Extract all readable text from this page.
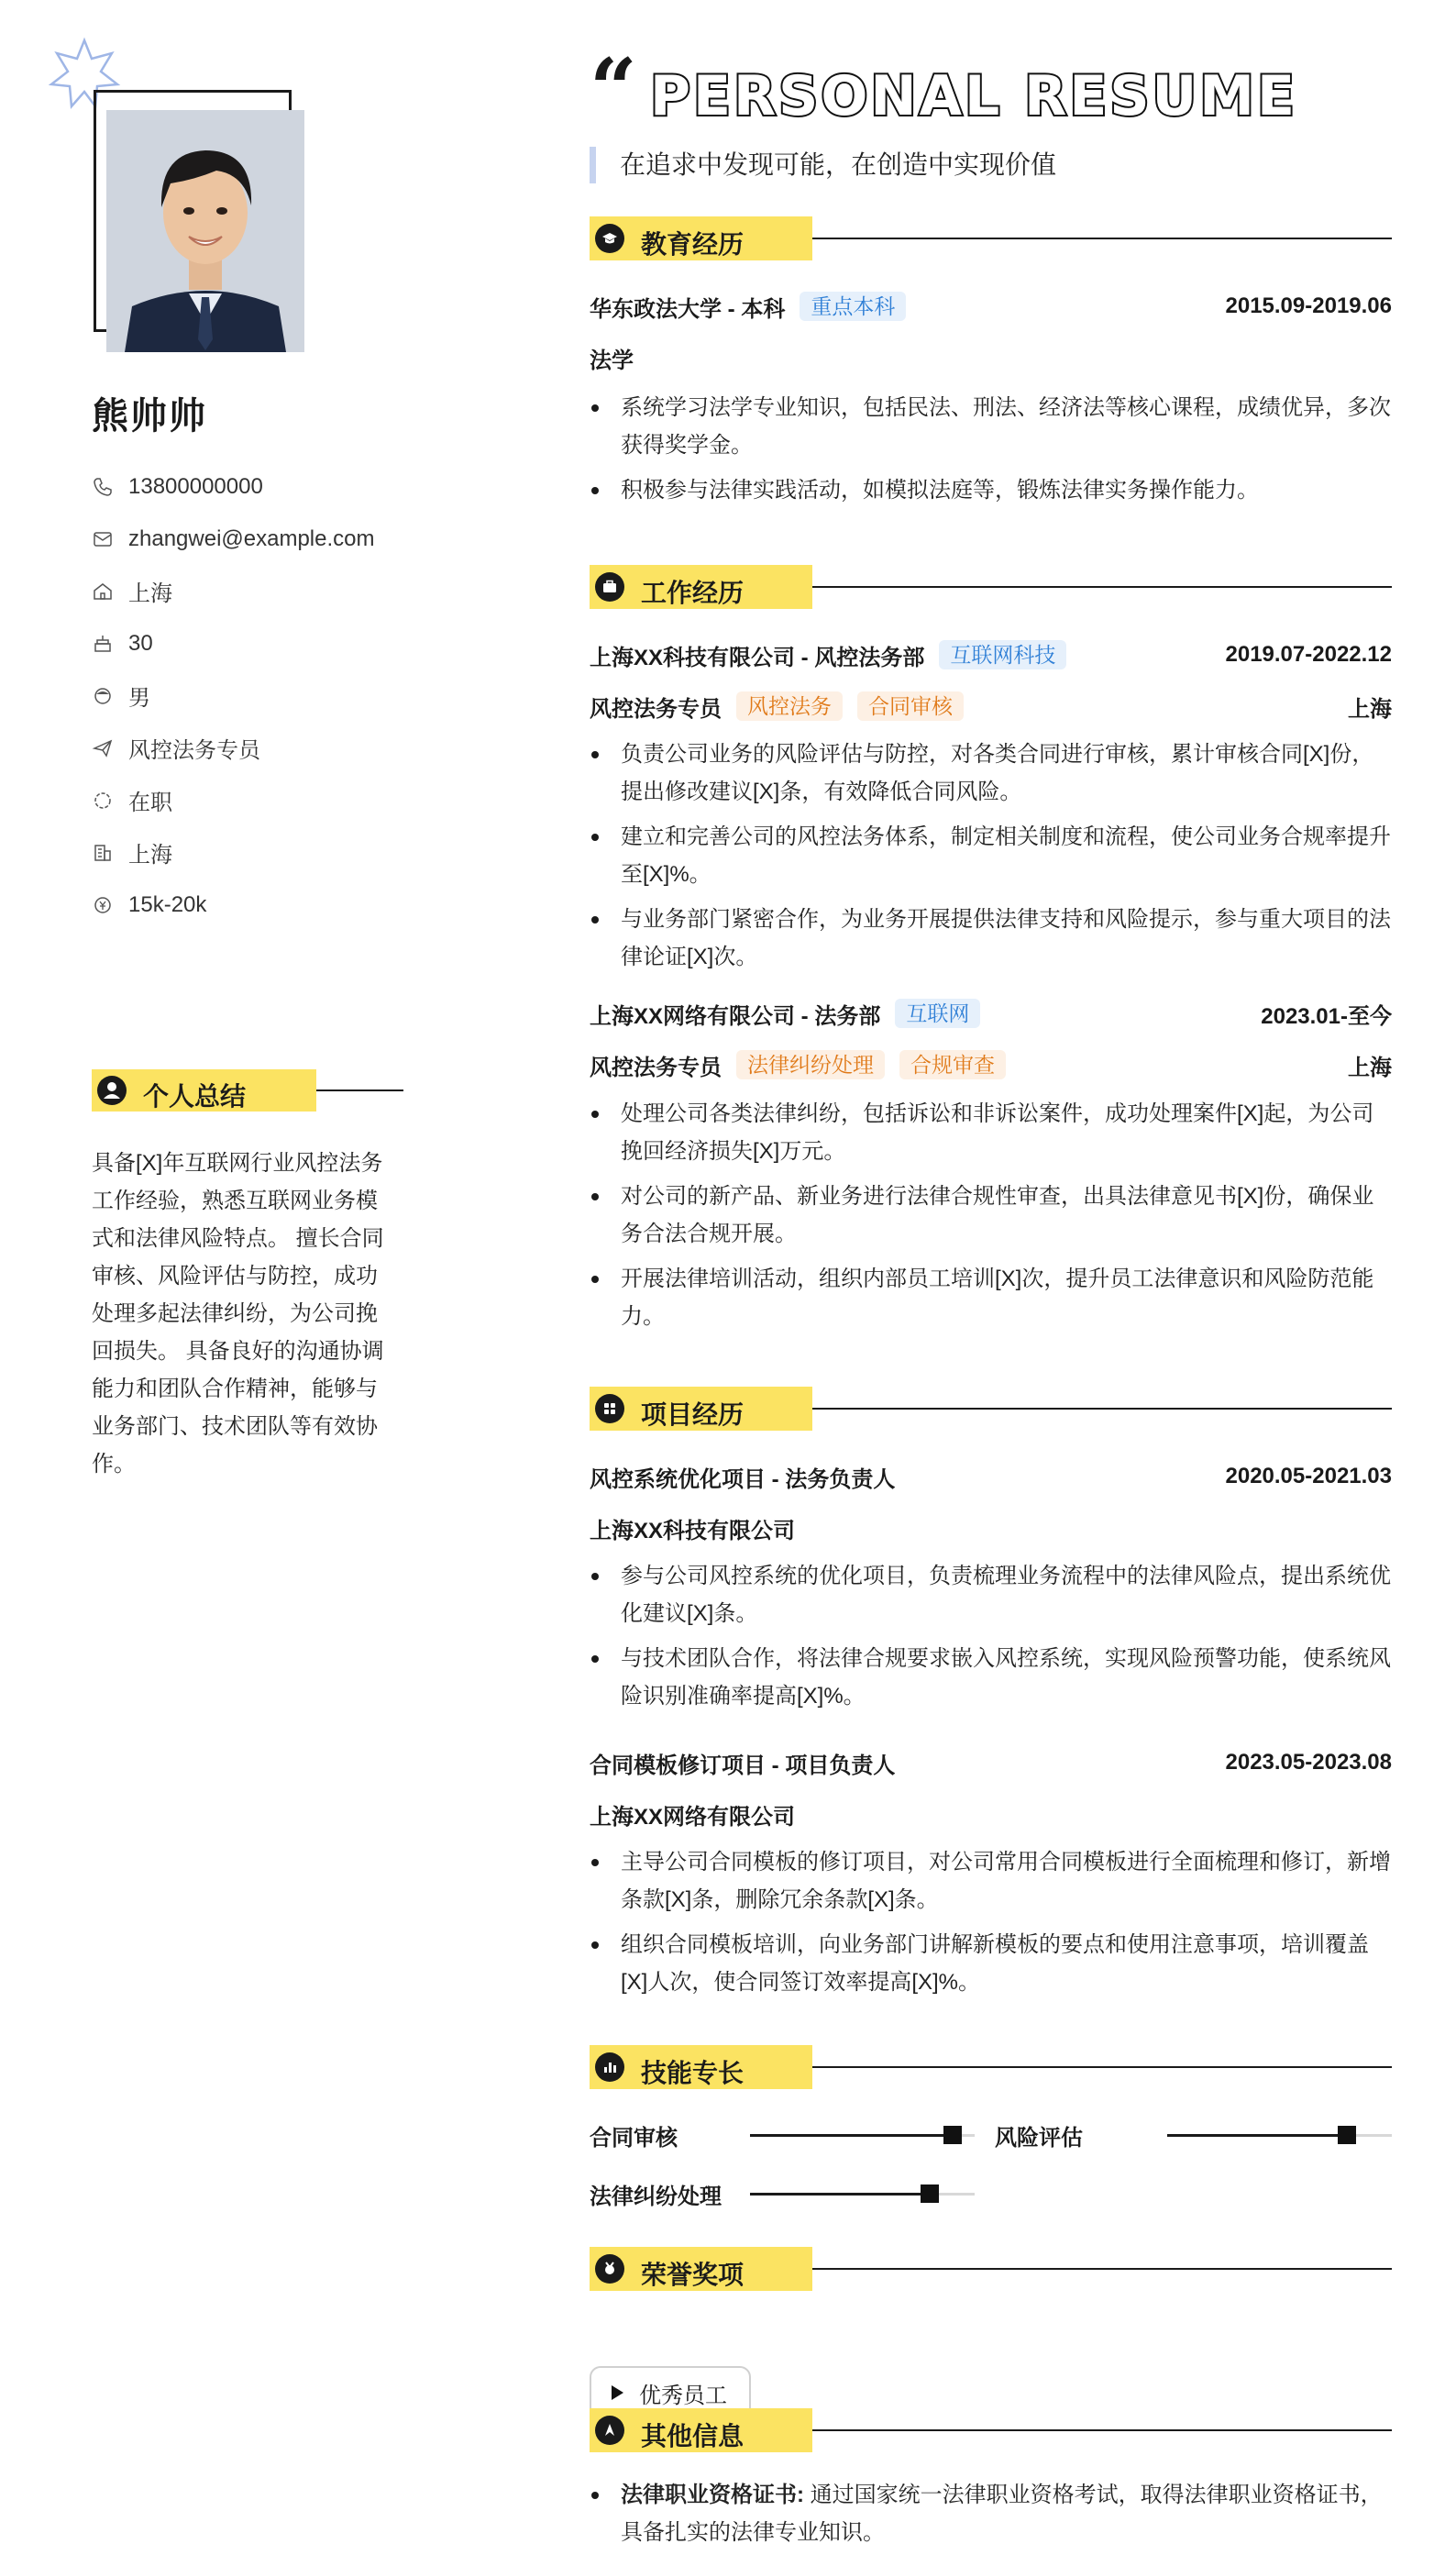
熊帅帅
13800000000
zhangwei@example.com
上海
30
男
风控法务专员
在职
上海
15k-20k
个人总结
具备[X]年互联网行业风控法务工作经验，熟悉互联网业务模式和法律风险特点。 擅长合同审核、风险评估与防控，成功处理多起法律纠纷，为公司挽回损失。 具备良好的沟通协调能力和团队合作精神，能够与业务部门、技术团队等有效协作。
“ PERSONAL RESUME
在追求中发现可能，在创造中实现价值
教育经历
华东政法大学 - 本科	重点本科	2015.09-2019.06
法学
系统学习法学专业知识，包括民法、刑法、经济法等核心课程，成绩优异，多次获得奖学金。
积极参与法律实践活动，如模拟法庭等，锻炼法律实务操作能力。
工作经历
上海XX科技有限公司 - 风控法务部	互联网科技	2019.07-2022.12
风控法务专员	风控法务	合同审核	上海
负责公司业务的风险评估与防控，对各类合同进行审核，累计审核合同[X]份，提出修改建议[X]条，有效降低合同风险。
建立和完善公司的风控法务体系，制定相关制度和流程，使公司业务合规率提升至[X]%。
与业务部门紧密合作，为业务开展提供法律支持和风险提示，参与重大项目的法律论证[X]次。
上海XX网络有限公司 - 法务部	互联网	2023.01-至今
风控法务专员	法律纠纷处理	合规审查	上海
处理公司各类法律纠纷，包括诉讼和非诉讼案件，成功处理案件[X]起，为公司挽回经济损失[X]万元。
对公司的新产品、新业务进行法律合规性审查，出具法律意见书[X]份，确保业务合法合规开展。
开展法律培训活动，组织内部员工培训[X]次，提升员工法律意识和风险防范能力。
项目经历
风控系统优化项目 - 法务负责人	2020.05-2021.03
上海XX科技有限公司
参与公司风控系统的优化项目，负责梳理业务流程中的法律风险点，提出系统优化建议[X]条。
与技术团队合作，将法律合规要求嵌入风控系统，实现风险预警功能，使系统风险识别准确率提高[X]%。
合同模板修订项目 - 项目负责人	2023.05-2023.08
上海XX网络有限公司
主导公司合同模板的修订项目，对公司常用合同模板进行全面梳理和修订，新增条款[X]条，删除冗余条款[X]条。
组织合同模板培训，向业务部门讲解新模板的要点和使用注意事项，培训覆盖[X]人次，使合同签订效率提高[X]%。
技能专长
合同审核	风险评估
法律纠纷处理
荣誉奖项
优秀员工
其他信息
法律职业资格证书: 通过国家统一法律职业资格考试，取得法律职业资格证书，具备扎实的法律专业知识。
